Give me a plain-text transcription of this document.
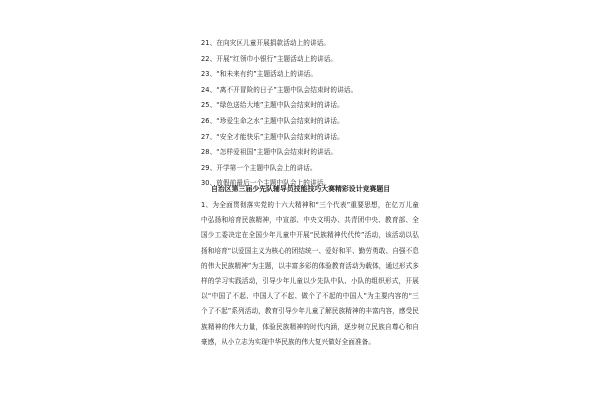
21、在向灾区儿童开展捐款活动上的讲话。
22、开展“红领巾小银行”主题活动上的讲话。
23、“和未来有约”主题活动上的讲话。
24、“离不开冒险的日子”主题中队会结束时的讲话。
25、“绿色送给大地”主题中队会结束时的讲话。
26、“珍爱生命之水”主题中队会结束时的讲话。
27、“安全才能快乐”主题中队会结束时的讲话。
28、“怎样爱祖国”主题中队会结束时的讲话。
29、开学第一个主题中队会上的讲话。
30、放假前最后一个主题中队会上的讲话。
自治区第三届少先队辅导员技能技巧大赛精彩设计竞赛题目

1、为全面贯彻落实党的十六大精神和“三个代表”重要思想，在亿万儿童中弘扬和培育民族精神，中宣部、中央文明办、共青团中央、教育部、全国少工委决定在全国少年儿童中开展“民族精神代代传”活动，该活动以弘扬和培育“以爱国主义为核心的团结统一、爱好和平、勤劳勇敢、自强不息的伟大民族精神”为主题，以丰富多彩的体验教育活动为载体，通过形式多样的学习实践活动，引导少年儿童以少先队中队、小队的组织形式，开展以“中国了不起、中国人了不起、做个了不起的中国人”为主要内容的“三个了不起”系列活动，教育引导少年儿童了解民族精神的丰富内容，感受民族精神的伟大力量，体验民族精神的时代内涵，逐步树立民族自尊心和自豪感，从小立志为实现中华民族的伟大复兴做好全面准备。
